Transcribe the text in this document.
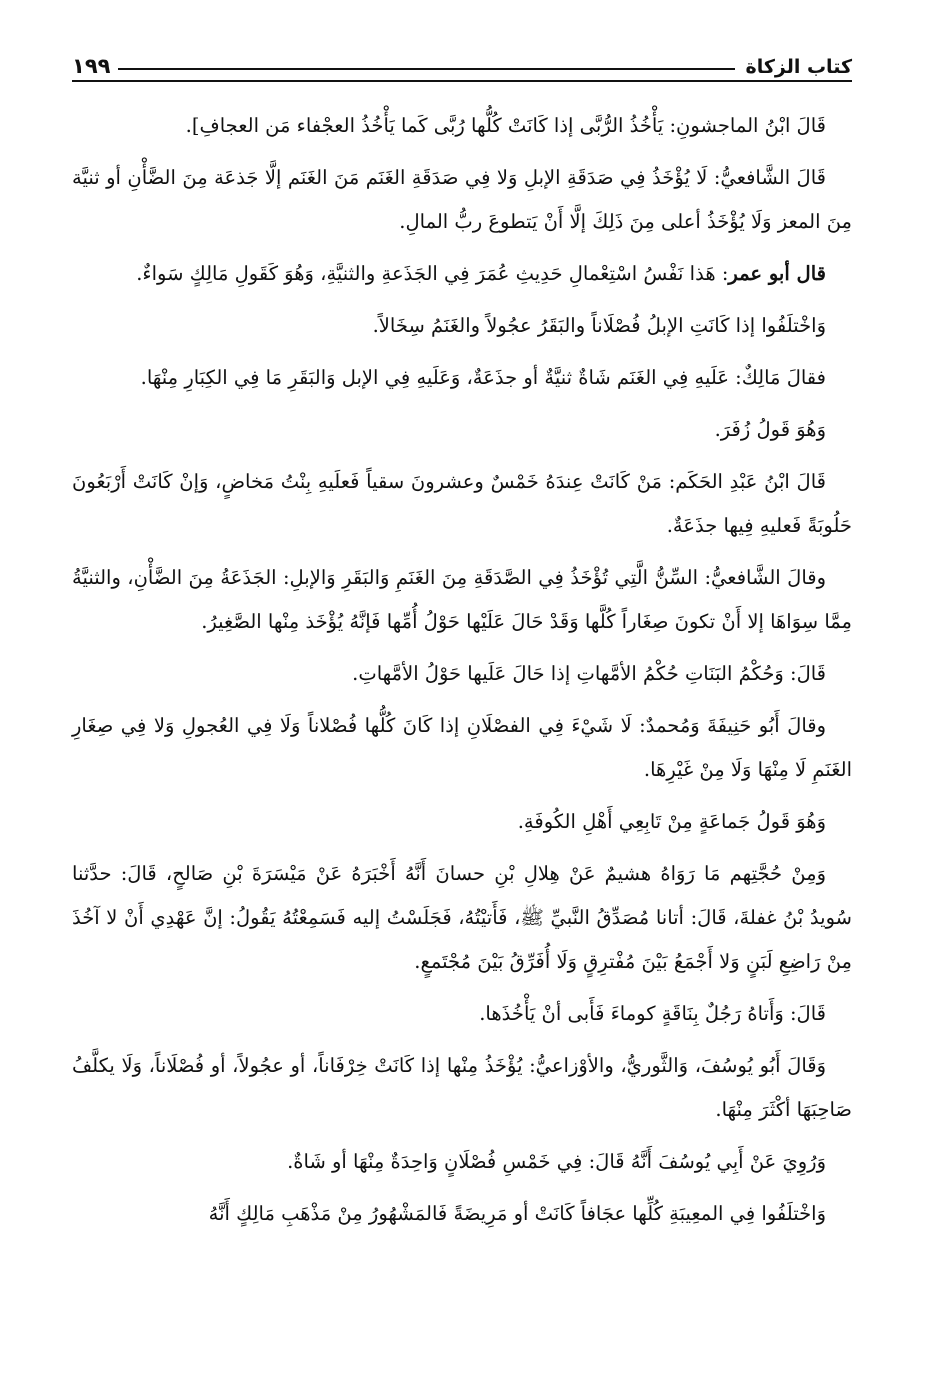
كتاب الزكاة
١٩٩

قَالَ ابْنُ الماجشونِ: يَأْخُذُ الرُّبَّى إذا كَانَتْ كُلُّها رُبَّى كَما يَأْخُذُ العجْفاء مَن العجافِ].

قَالَ الشَّافعيُّ: لَا يُؤْخَذُ فِي صَدَقَةِ الإبلِ وَلا فِي صَدَقَةِ الغَنَم مَنَ الغَنَم إلَّا جَذعَة مِنَ الضَّأْنِ أو ثنيَّة مِنَ المعز وَلَا يُؤْخَذُ أعلى مِنَ ذَلِكَ إلَّا أَنْ يَتطوعَ ربُّ المالِ.

قال أبو عمر: هَذا نَفْسُ اسْتِعْمالِ حَدِيثِ عُمَرَ فِي الجَذَعةِ والثنيَّةِ، وَهُوَ كَقَولِ مَالِكٍ سَواءٌ.

وَاخْتلَفُوا إذا كَانَتِ الإبلُ فُصْلَاناً والبَقَرُ عجُولاً والغَنَمُ سِخَالاً.

فقالَ مَالِكٌ: عَلَيهِ فِي الغَنَم شَاةٌ ثنيَّةٌ أو جذَعَةٌ، وَعَلَيهِ فِي الإبل وَالبَقَرِ مَا فِي الكِبَارِ مِنْهَا.

وَهُوَ قَولُ زُفَرَ.

قَالَ ابْنُ عَبْدِ الحَكَم: مَنْ كَانَتْ عِندَهُ خَمْسٌ وعشرونَ سقياً فَعلَيهِ بِنْتُ مَخاضٍ، وَإنْ كَانَتْ أَرْبَعُونَ حَلُوبَةً فَعليهِ فِيها جذَعَةٌ.

وقالَ الشَّافعيُّ: السِّنُّ الَّتِي تُؤْخَذُ فِي الصَّدَقَةِ مِنَ الغَنَمِ وَالبَقَرِ وَالإبلِ: الجَذَعَةُ مِنَ الضَّأْنِ، والثنيَّةُ مِمَّا سِوَاهَا إلا أَنْ تكونَ صِغَاراً كُلَّها وَقَدْ حَالَ عَلَيْها حَوْلُ أُمِّها فَإنَّهُ يُؤْخَذ مِنْها الصَّغِيرُ.

قَالَ: وَحُكْمُ البَنَاتِ حُكْمُ الأمَّهاتِ إذا حَالَ عَلَيها حَوْلُ الأمَّهاتِ.

وقالَ أَبُو حَنِيفَةَ وَمُحمدٌ: لَا شَيْءَ فِي الفصْلَانِ إذا كَانَ كُلُّها فُصْلاناً وَلَا فِي العُجولِ وَلا فِي صِغَارِ الغَنَمِ لَا مِنْهَا وَلَا مِنْ غَيْرِهَا.

وَهُوَ قَولُ جَماعَةٍ مِنْ تَابِعِي أَهْلِ الكُوفَةِ.

وَمِنْ حُجَّتِهم مَا رَوَاهُ هشيمٌ عَنْ هِلالِ بْنِ حسانَ أَنَّهُ أَخْبَرَهُ عَنْ مَيْسَرَةَ بْنِ صَالحٍ، قَالَ: حدَّثنا سُويدُ بْنُ غفلةَ، قَالَ: أتانا مُصَدِّقُ النَّبيِّ ﷺ، فَأَتيْتُهُ، فَجَلَسْتُ إليه فَسَمِعْتُهُ يَقُولُ: إنَّ عَهْدِي أَنْ لا آخُذَ مِنْ رَاضِعِ لَبَنٍ وَلا أَجْمَعُ بَيْنَ مُفْترِقٍ وَلَا أُفَرِّقُ بَيْنَ مُجْتَمعٍ.

قَالَ: وَأَتاهُ رَجُلٌ بِنَاقَةٍ كوماءَ فَأَبى أنْ يَأْخُذَها.

وَقَالَ أَبُو يُوسُفَ، وَالثَّوريُّ، والأوْزاعيُّ: يُؤْخَذُ مِنْها إذا كَانَتْ خِرْفَاناً، أو عجُولاً، أو فُصْلَاناً، وَلَا يكلَّفُ صَاحِبَهَا أكْثَرَ مِنْهَا.

وَرُوِيَ عَنْ أَبِي يُوسُفَ أَنَّهُ قَالَ: فِي خَمْسِ فُصْلَانٍ وَاحِدَةٌ مِنْهَا أو شَاةٌ.

وَاخْتلَفُوا فِي المعِيبَةِ كُلِّها عجَافاً كَانَتْ أو مَرِيضَةً فَالمَشْهُورُ مِنْ مَذْهَبِ مَالِكٍ أَنَّهُ
